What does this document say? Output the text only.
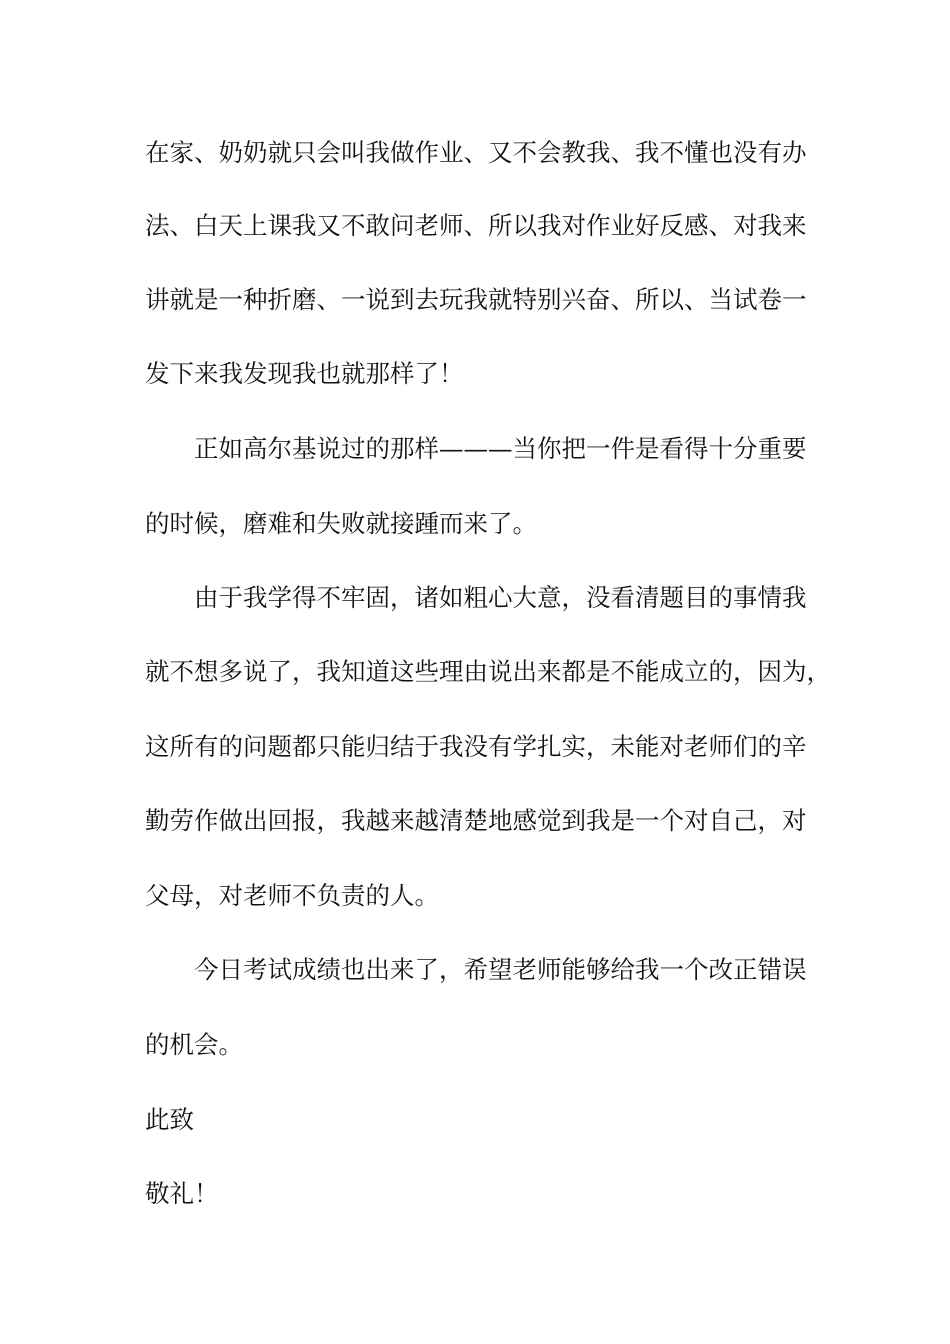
在家、奶奶就只会叫我做作业、又不会教我、我不懂也没有办
法、白天上课我又不敢问老师、所以我对作业好反感、对我来
讲就是一种折磨、一说到去玩我就特别兴奋、所以、当试卷一
发下来我发现我也就那样了！
正如高尔基说过的那样———当你把一件是看得十分重要
的时候，磨难和失败就接踵而来了。
由于我学得不牢固，诸如粗心大意，没看清题目的事情我
就不想多说了，我知道这些理由说出来都是不能成立的，因为，
这所有的问题都只能归结于我没有学扎实，未能对老师们的辛
勤劳作做出回报，我越来越清楚地感觉到我是一个对自己，对
父母，对老师不负责的人。
今日考试成绩也出来了，希望老师能够给我一个改正错误
的机会。
此致
敬礼！
